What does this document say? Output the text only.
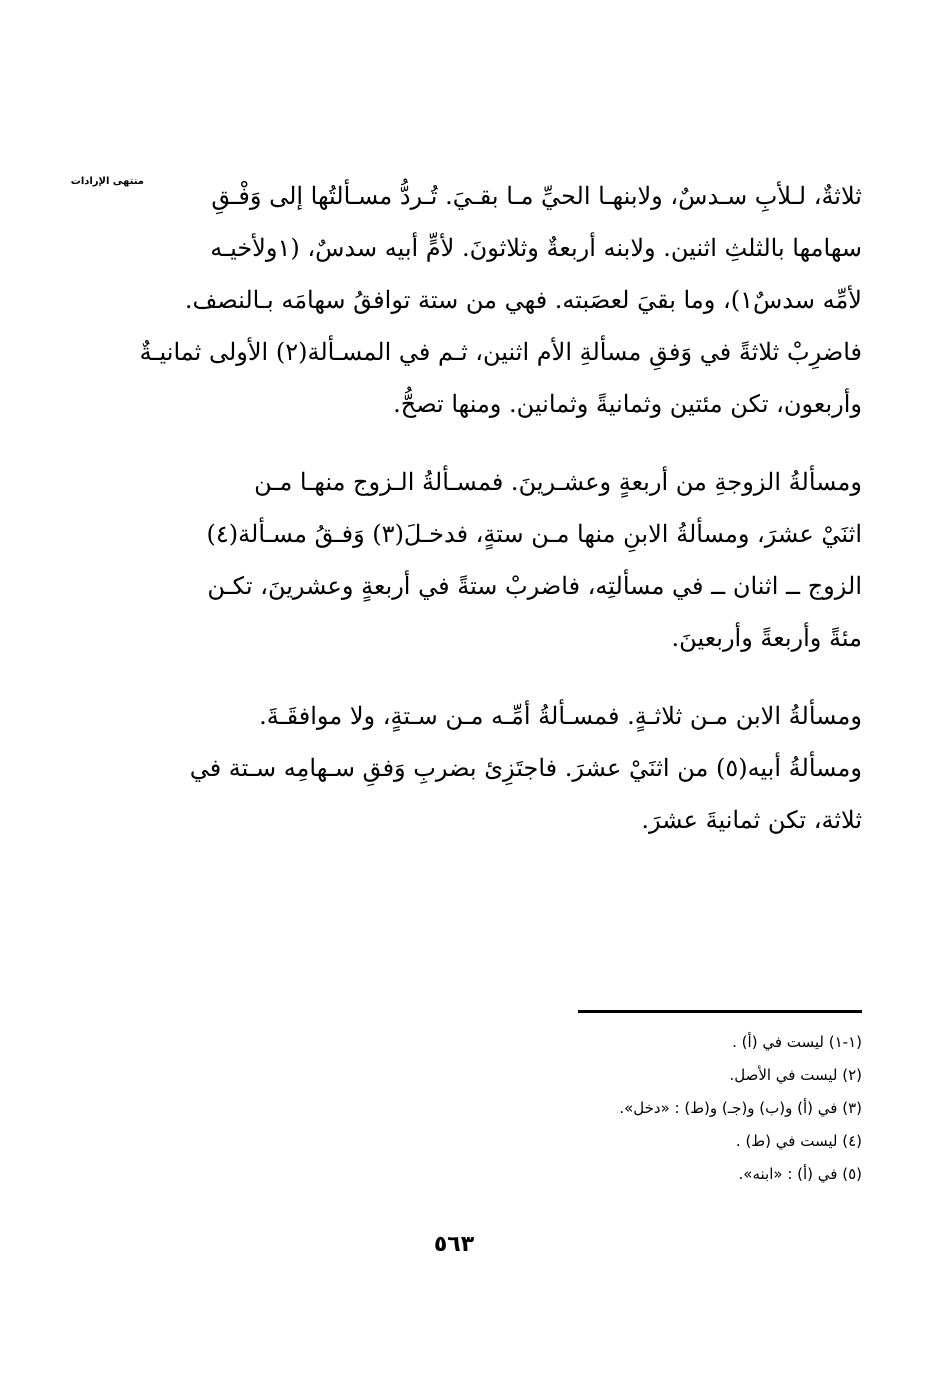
منتهى الإرادات
ثلاثةٌ، لـلأبِ سـدسٌ، ولابنهـا الحيِّ مـا بقـيَ. تُـردُّ مسـألتُها إلى وَفْـقِ
سهامها بالثلثِ اثنين. ولابنه أربعةٌ وثلاثونَ. لأمٍّ أبيه سدسٌ، (١ولأخيـه
لأمِّه سدسٌ١)، وما بقيَ لعصَبته. فهي من ستة توافقُ سهامَه بـالنصف.
فاضرِبْ ثلاثةً في وَفقِ مسألةِ الأم اثنين، ثـم في المسـألة(٢) الأولى ثمانيـةٌ
وأربعون، تكن مئتين وثمانيةً وثمانين. ومنها تصحُّ.
ومسألةُ الزوجةِ من أربعةٍ وعشـرينَ. فمسـألةُ الـزوج منهـا مـن
اثنَيْ عشرَ، ومسألةُ الابنِ منها مـن ستةٍ، فدخـلَ(٣) وَفـقُ مسـألة(٤)
الزوج ــ اثنان ــ في مسألتِه، فاضربْ ستةً في أربعةٍ وعشرينَ، تكـن
مئةً وأربعةً وأربعينَ.
ومسألةُ الابن مـن ثلاثـةٍ. فمسـألةُ أمِّـه مـن سـتةٍ، ولا موافقَـةَ.
ومسألةُ أبيه(٥) من اثنَيْ عشرَ. فاجتَزِئ بضربِ وَفقِ سـهامِه سـتة في
ثلاثة، تكن ثمانيةَ عشرَ.
(١-١) ليست في (أ) .
(٢) ليست في الأصل.
(٣) في (أ) و(ب) و(جـ) و(ط) : «دخل».
(٤) ليست في (ط) .
(٥) في (أ) : «ابنه».
٥٦٣
